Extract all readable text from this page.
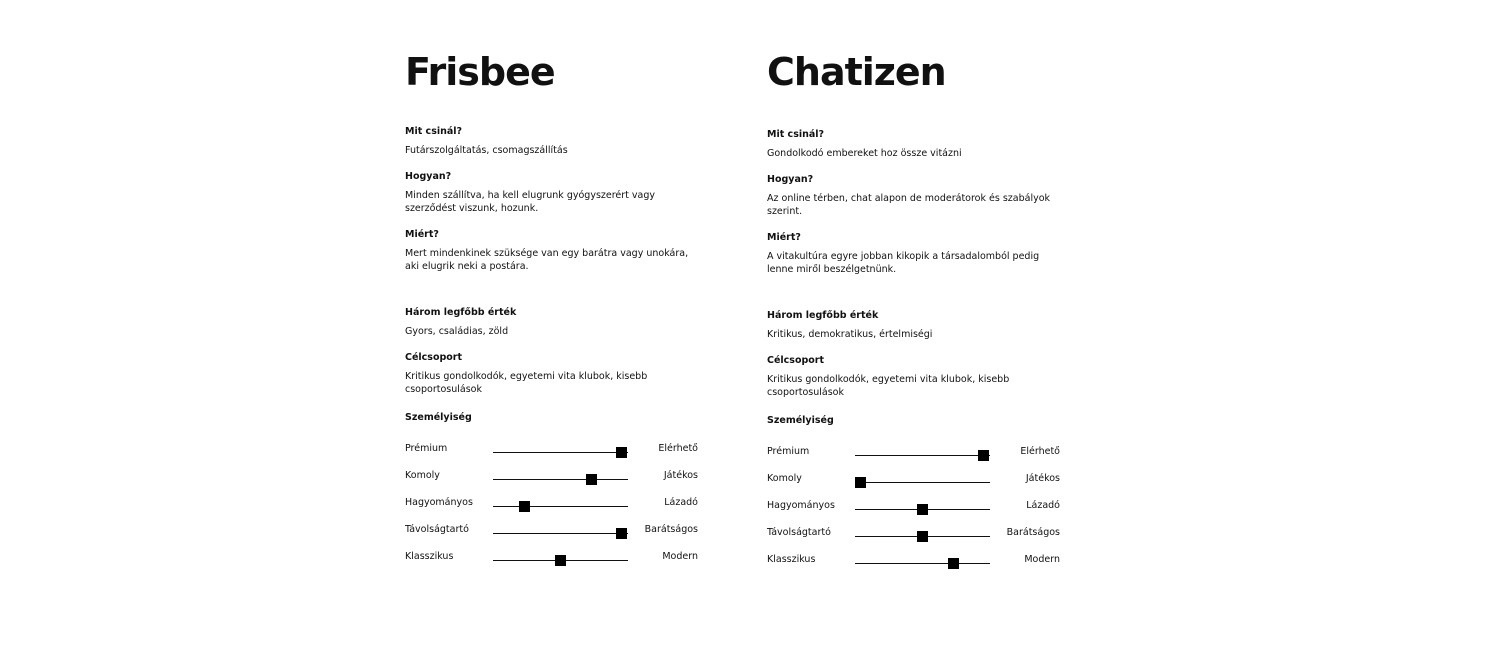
Frisbee
Mit csinál?
Futárszolgáltatás, csomagszállítás
Hogyan?
Minden szállítva, ha kell elugrunk gyógyszerért vagy szerződést viszunk, hozunk.
Miért?
Mert mindenkinek szüksége van egy barátra vagy unokára, aki elugrik neki a postára.
Három legfőbb érték
Gyors, családias, zöld
Célcsoport
Kritikus gondolkodók, egyetemi vita klubok, kisebb csoportosulások
Személyiség
Prémium	Elérhető
Komoly	Játékos
Hagyományos	Lázadó
Távolságtartó	Barátságos
Klasszikus	Modern
Chatizen
Mit csinál?
Gondolkodó embereket hoz össze vitázni
Hogyan?
Az online térben, chat alapon de moderátorok és szabályok szerint.
Miért?
A vitakultúra egyre jobban kikopik a társadalomból pedig lenne miről beszélgetnünk.
Három legfőbb érték
Kritikus, demokratikus, értelmiségi
Célcsoport
Kritikus gondolkodók, egyetemi vita klubok, kisebb csoportosulások
Személyiség
Prémium	Elérhető
Komoly	Játékos
Hagyományos	Lázadó
Távolságtartó	Barátságos
Klasszikus	Modern
